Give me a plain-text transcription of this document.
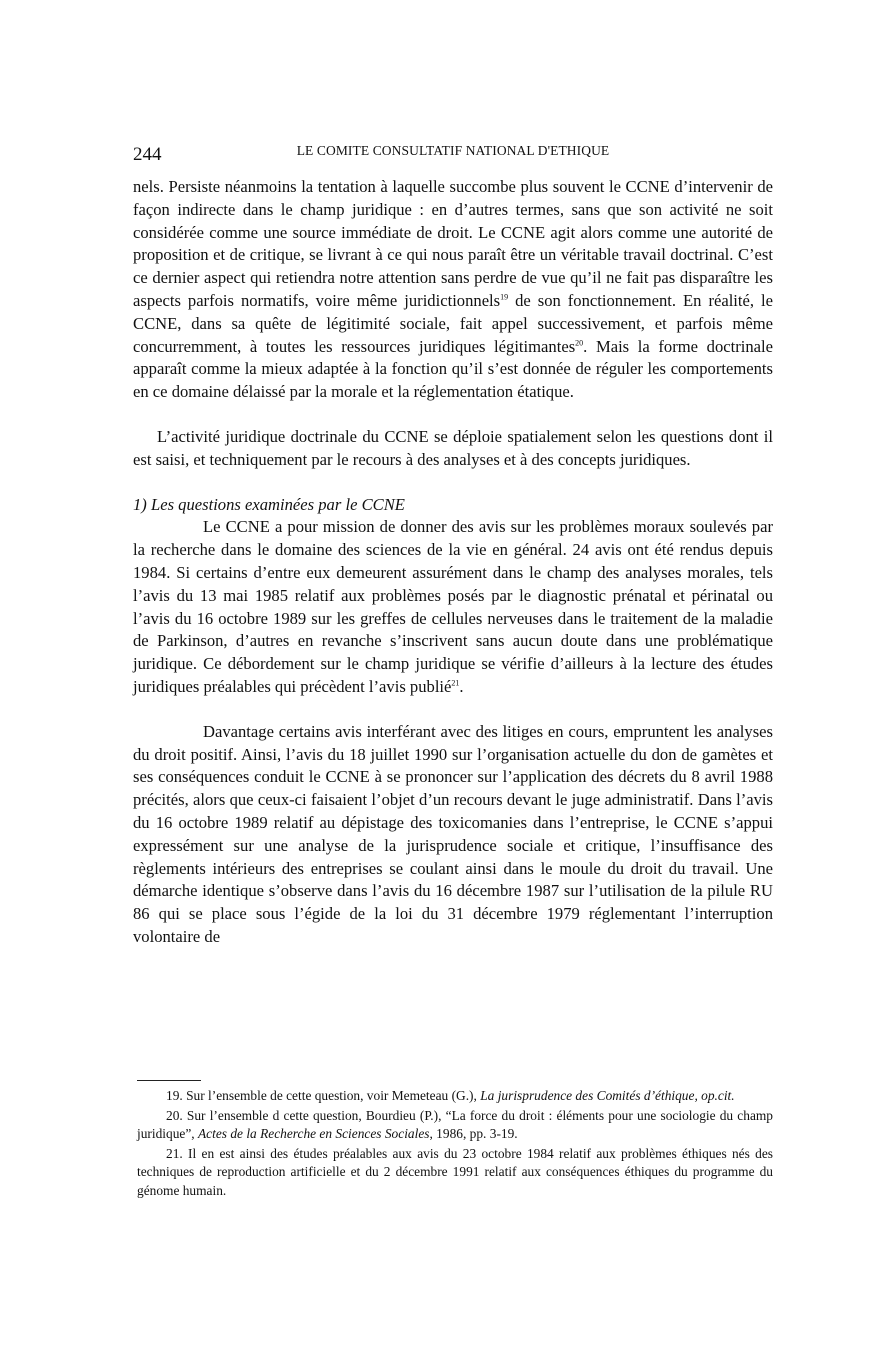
244	LE COMITE CONSULTATIF NATIONAL D'ETHIQUE

nels. Persiste néanmoins la tentation à laquelle succombe plus souvent le CCNE d’intervenir de façon indirecte dans le champ juridique : en d’autres termes, sans que son activité ne soit considérée comme une source immédiate de droit. Le CCNE agit alors comme une autorité de proposition et de critique, se livrant à ce qui nous paraît être un véritable travail doctrinal. C’est ce dernier aspect qui retiendra notre attention sans perdre de vue qu’il ne fait pas disparaître les aspects parfois normatifs, voire même juridictionnels$^{19}$ de son fonctionnement. En réalité, le CCNE, dans sa quête de légitimité sociale, fait appel successivement, et parfois même concurremment, à toutes les ressources juridiques légitimantes$^{20}$. Mais la forme doctrinale apparaît comme la mieux adaptée à la fonction qu’il s’est donnée de réguler les comportements en ce domaine délaissé par la morale et la réglementation étatique.

L’activité juridique doctrinale du CCNE se déploie spatialement selon les questions dont il est saisi, et techniquement par le recours à des analyses et à des concepts juridiques.

1) Les questions examinées par le CCNE

Le CCNE a pour mission de donner des avis sur les problèmes moraux soulevés par la recherche dans le domaine des sciences de la vie en général. 24 avis ont été rendus depuis 1984. Si certains d’entre eux demeurent assurément dans le champ des analyses morales, tels l’avis du 13 mai 1985 relatif aux problèmes posés par le diagnostic prénatal et périnatal ou l’avis du 16 octobre 1989 sur les greffes de cellules nerveuses dans le traitement de la maladie de Parkinson, d’autres en revanche s’inscrivent sans aucun doute dans une problématique juridique. Ce débordement sur le champ juridique se vérifie d’ailleurs à la lecture des études juridiques préalables qui précèdent l’avis publié$^{21}$.

Davantage certains avis interférant avec des litiges en cours, empruntent les analyses du droit positif. Ainsi, l’avis du 18 juillet 1990 sur l’organisation actuelle du don de gamètes et ses conséquences conduit le CCNE à se prononcer sur l’application des décrets du 8 avril 1988 précités, alors que ceux-ci faisaient l’objet d’un recours devant le juge administratif. Dans l’avis du 16 octobre 1989 relatif au dépistage des toxicomanies dans l’entreprise, le CCNE s’appui expressément sur une analyse de la jurisprudence sociale et critique, l’insuffisance des règlements intérieurs des entreprises se coulant ainsi dans le moule du droit du travail. Une démarche identique s’observe dans l’avis du 16 décembre 1987 sur l’utilisation de la pilule RU 86 qui se place sous l’égide de la loi du 31 décembre 1979 réglementant l’interruption volontaire de

19. Sur l’ensemble de cette question, voir Memeteau (G.), La jurisprudence des Comités d’éthique, op.cit.

20. Sur l’ensemble d cette question, Bourdieu (P.), “La force du droit : éléments pour une sociologie du champ juridique”, Actes de la Recherche en Sciences Sociales, 1986, pp. 3-19.

21. Il en est ainsi des études préalables aux avis du 23 octobre 1984 relatif aux problèmes éthiques nés des techniques de reproduction artificielle et du 2 décembre 1991 relatif aux conséquences éthiques du programme du génome humain.
